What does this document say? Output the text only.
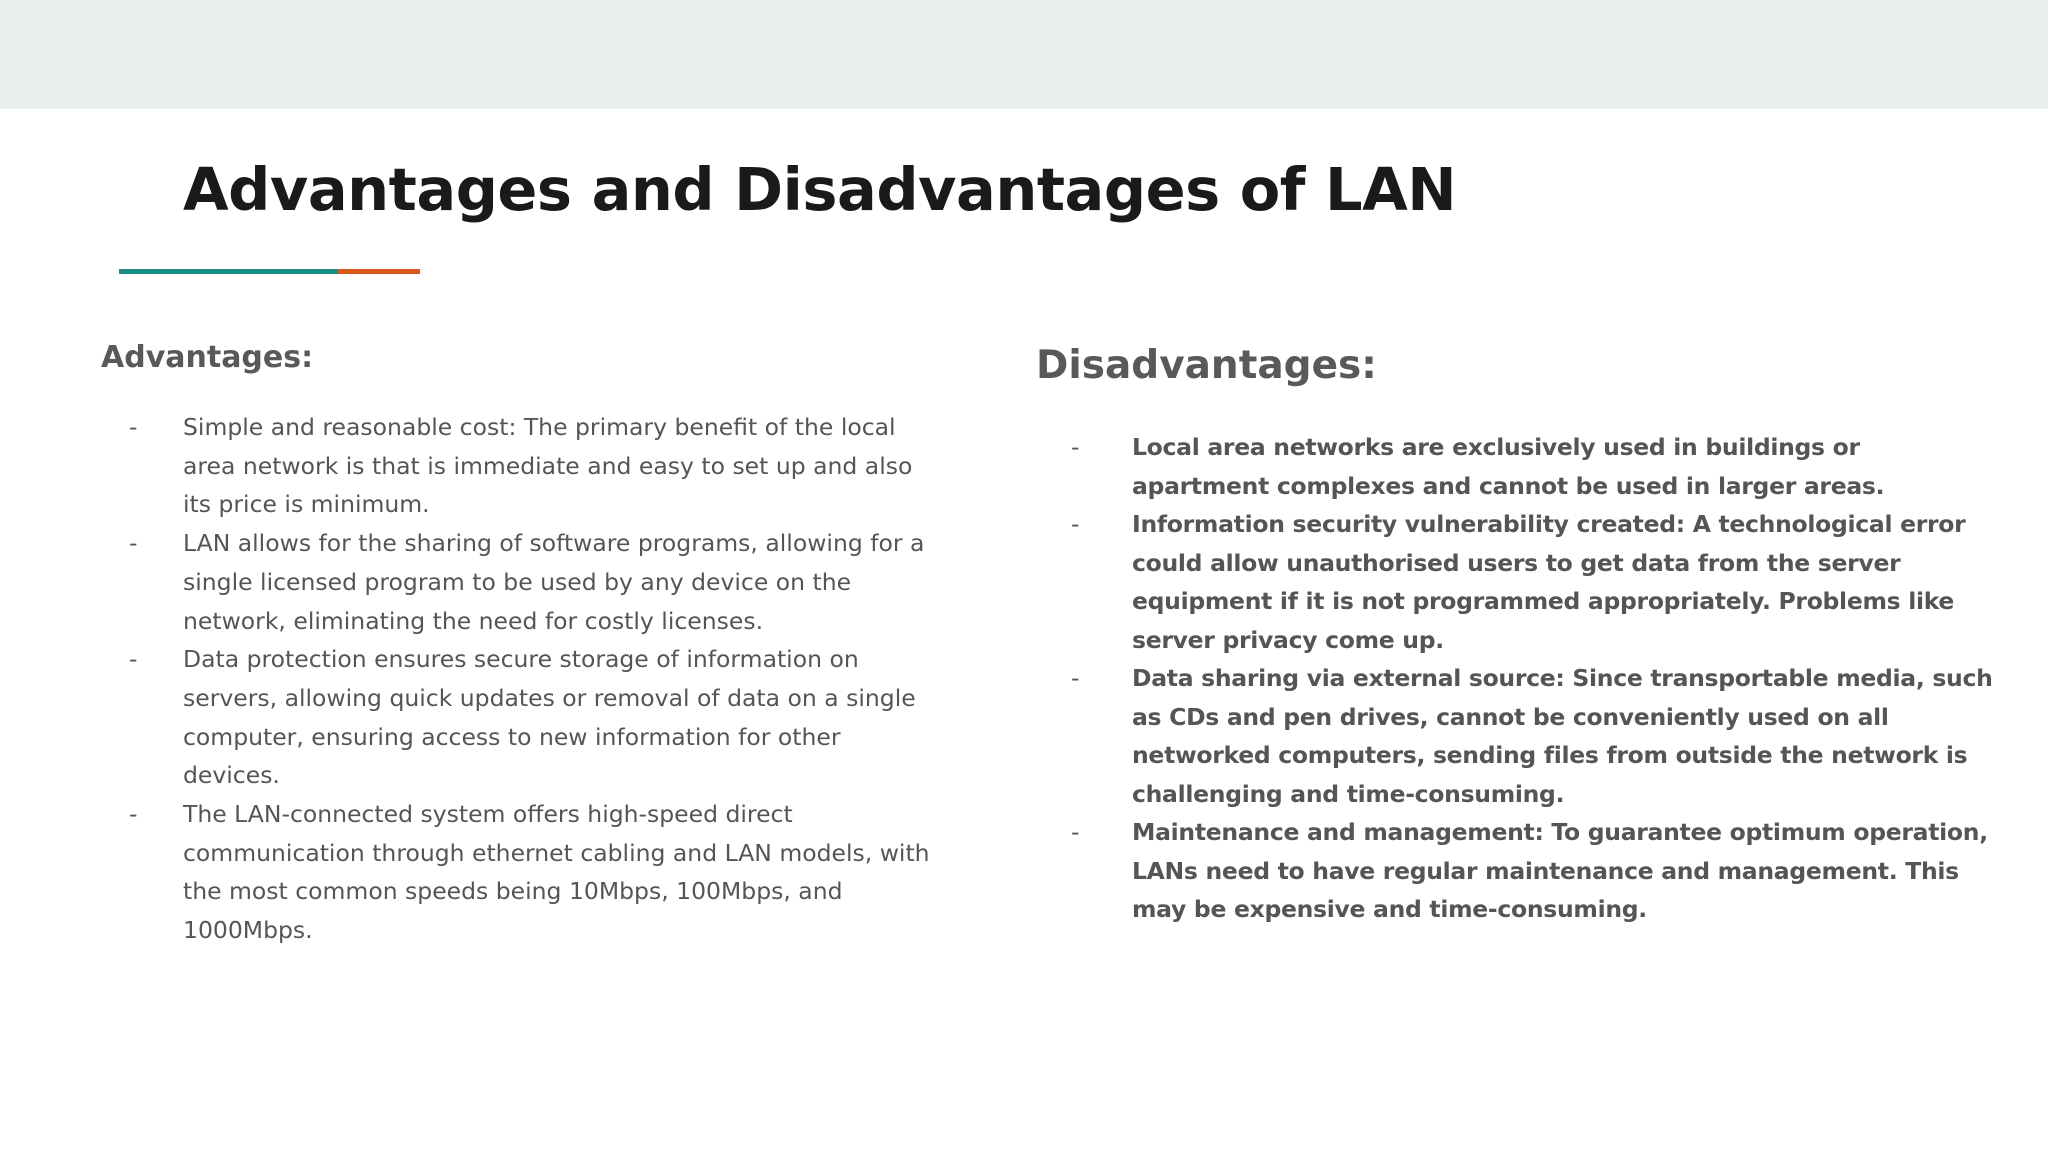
Advantages and Disadvantages of LAN
Advantages:
- Simple and reasonable cost: The primary benefit of the local area network is that is immediate and easy to set up and also its price is minimum.
- LAN allows for the sharing of software programs, allowing for a single licensed program to be used by any device on the network, eliminating the need for costly licenses.
- Data protection ensures secure storage of information on servers, allowing quick updates or removal of data on a single computer, ensuring access to new information for other devices.
- The LAN-connected system offers high-speed direct communication through ethernet cabling and LAN models, with the most common speeds being 10Mbps, 100Mbps, and 1000Mbps.
Disadvantages:
- Local area networks are exclusively used in buildings or apartment complexes and cannot be used in larger areas.
- Information security vulnerability created: A technological error could allow unauthorised users to get data from the server equipment if it is not programmed appropriately. Problems like server privacy come up.
- Data sharing via external source: Since transportable media, such as CDs and pen drives, cannot be conveniently used on all networked computers, sending files from outside the network is challenging and time-consuming.
- Maintenance and management: To guarantee optimum operation, LANs need to have regular maintenance and management. This may be expensive and time-consuming.
